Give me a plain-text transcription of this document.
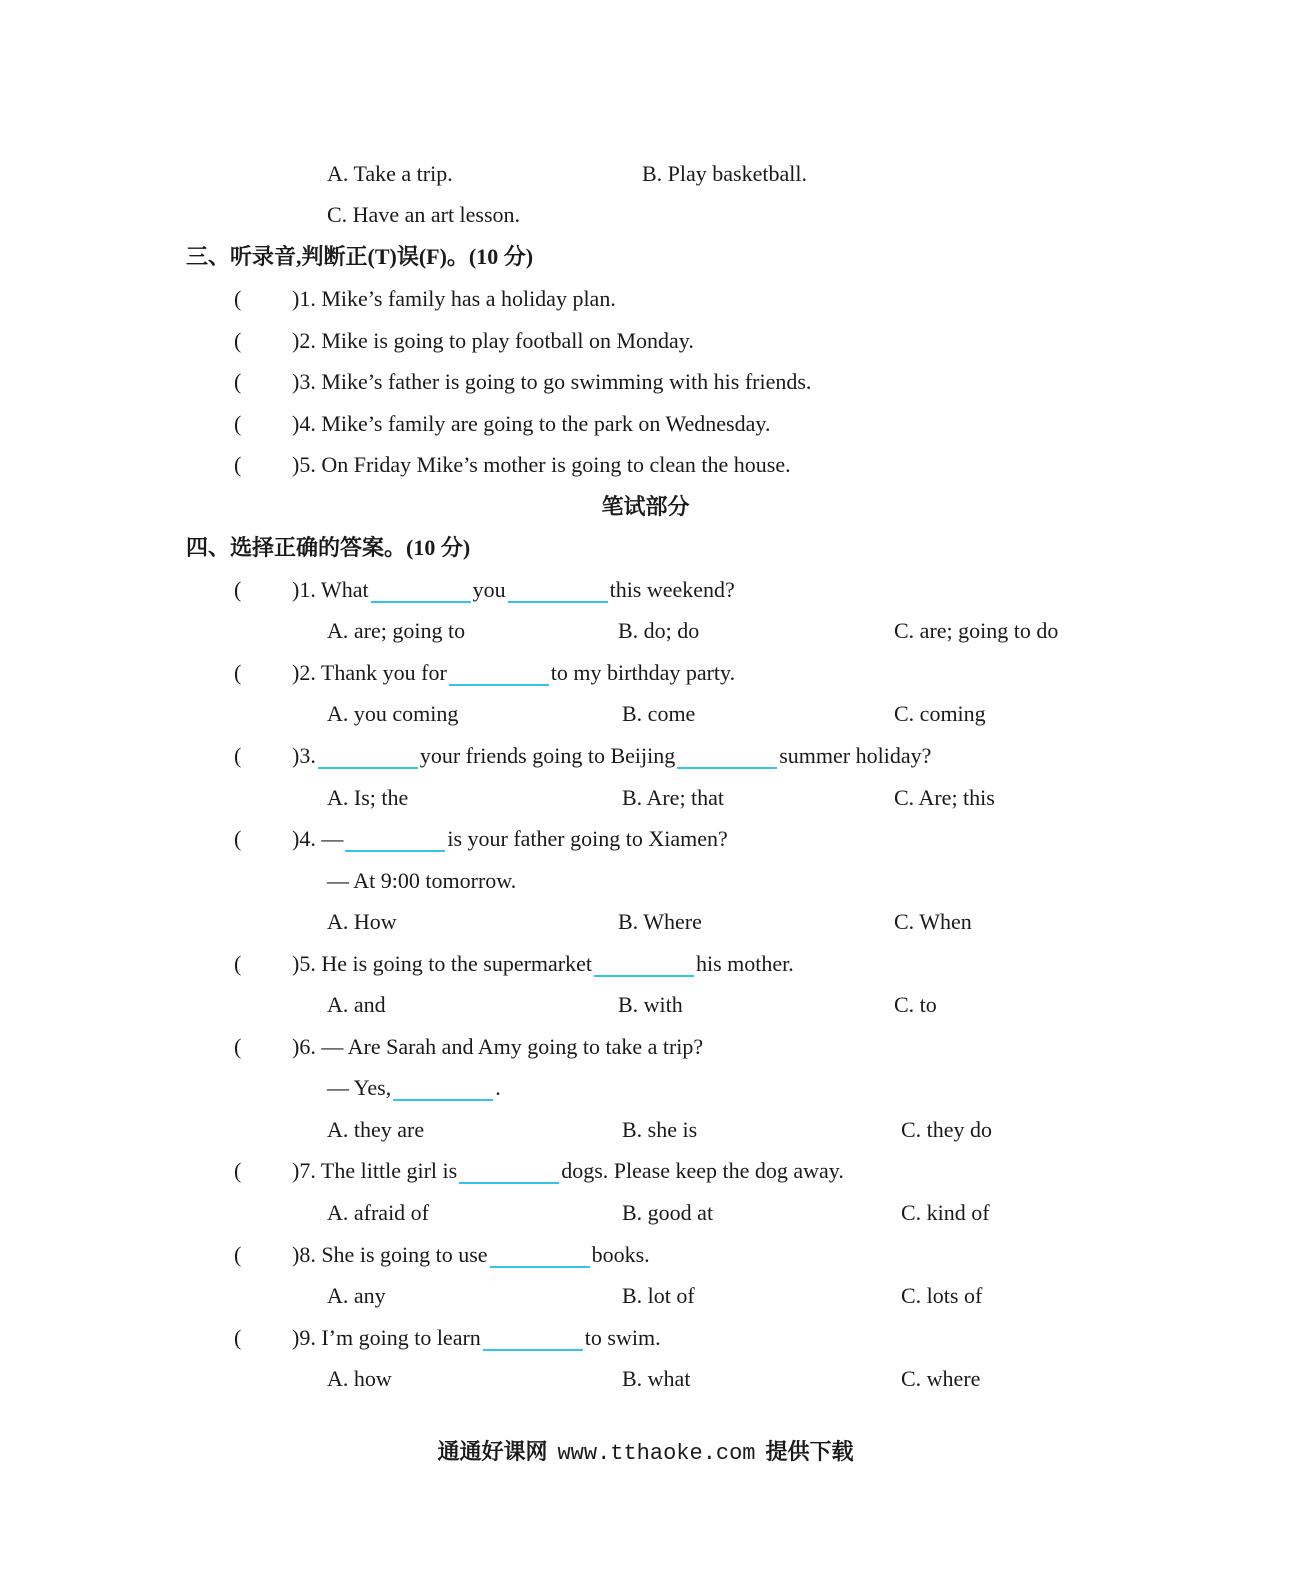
A. Take a trip.	B. Play basketball.
C. Have an art lesson.
三、听录音,判断正(T)误(F)。(10 分)
( )1. Mike’s family has a holiday plan.
( )2. Mike is going to play football on Monday.
( )3. Mike’s father is going to go swimming with his friends.
( )4. Mike’s family are going to the park on Wednesday.
( )5. On Friday Mike’s mother is going to clean the house.
笔试部分
四、选择正确的答案。(10 分)
( )1. What	you	this weekend?
A. are; going to	B. do; do	C. are; going to do
( )2. Thank you for	to my birthday party.
A. you coming	B. come	C. coming
( )3.	your friends going to Beijing	summer holiday?
A. Is; the	B. Are; that	C. Are; this
( )4. —	is your father going to Xiamen?
— At 9:00 tomorrow.
A. How	B. Where	C. When
( )5. He is going to the supermarket	his mother.
A. and	B. with	C. to
( )6. — Are Sarah and Amy going to take a trip?
— Yes,	.
A. they are	B. she is	C. they do
( )7. The little girl is	dogs. Please keep the dog away.
A. afraid of	B. good at	C. kind of
( )8. She is going to use	books.
A. any	B. lot of	C. lots of
( )9. I’m going to learn	to swim.
A. how	B. what	C. where
通通好课网 www.tthaoke.com 提供下载
